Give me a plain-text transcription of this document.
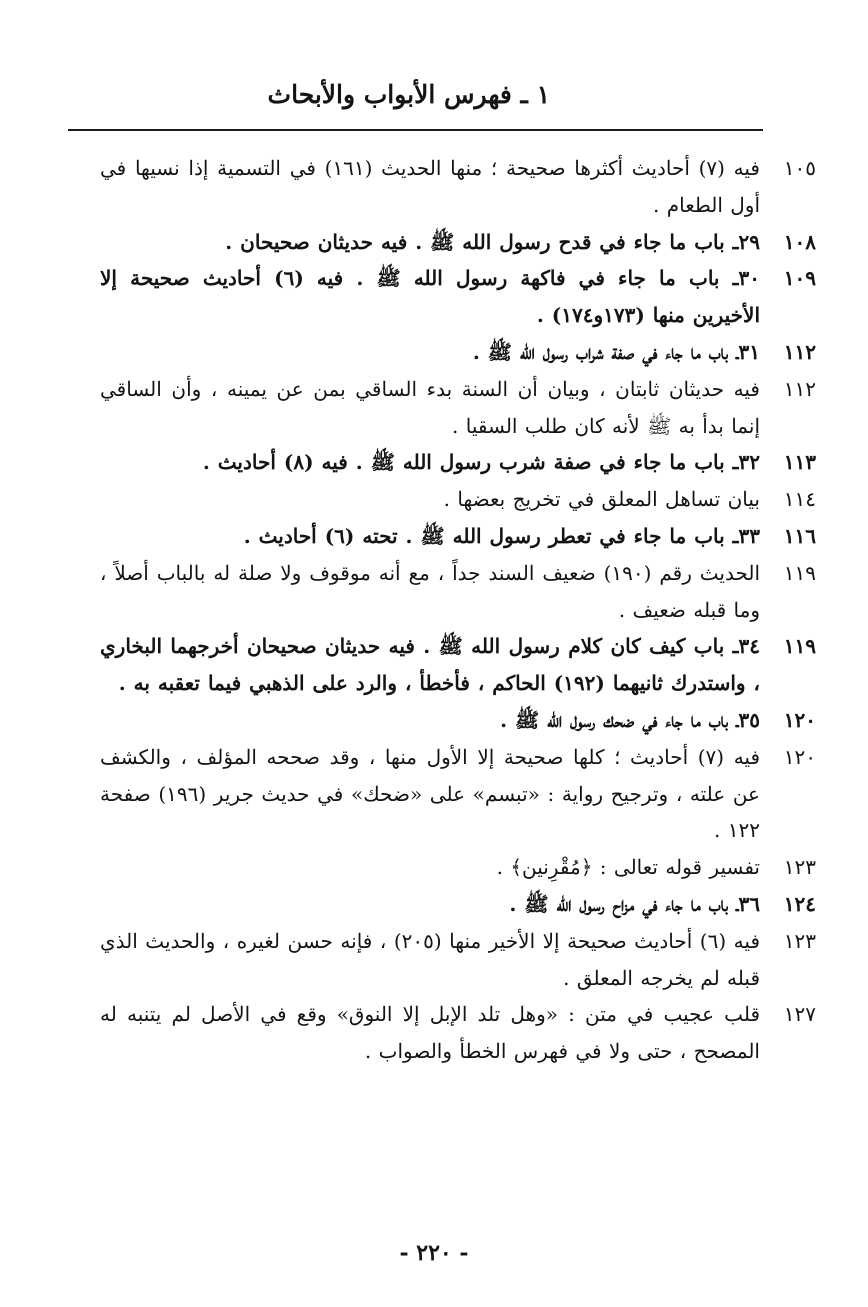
١ ـ فهرس الأبواب والأبحاث
١٠٥
فيه (٧) أحاديث أكثرها صحيحة ؛ منها الحديث (١٦١) في التسمية إذا نسيها في أول الطعام .
١٠٨
٢٩ـ باب ما جاء في قدح رسول الله ﷺ . فيه حديثان صحيحان .
١٠٩
٣٠ـ باب ما جاء في فاكهة رسول الله ﷺ . فيه (٦) أحاديث صحيحة إلا الأخيرين منها (١٧٣و١٧٤) .
١١٢
٣١ـ باب ما جاء في صفة شراب رسول الله ﷺ .
١١٢
فيه حديثان ثابتان ، وبيان أن السنة بدء الساقي بمن عن يمينه ، وأن الساقي إنما بدأ به ﷺ لأنه كان طلب السقيا .
١١٣
٣٢ـ باب ما جاء في صفة شرب رسول الله ﷺ . فيه (٨) أحاديث .
١١٤
بيان تساهل المعلق في تخريج بعضها .
١١٦
٣٣ـ باب ما جاء في تعطر رسول الله ﷺ . تحته (٦) أحاديث .
١١٩
الحديث رقم (١٩٠) ضعيف السند جداً ، مع أنه موقوف ولا صلة له بالباب أصلاً ، وما قبله ضعيف .
١١٩
٣٤ـ باب كيف كان كلام رسول الله ﷺ . فيه حديثان صحيحان أخرجهما البخاري ، واستدرك ثانيهما (١٩٢) الحاكم ، فأخطأ ، والرد على الذهبي فيما تعقبه به .
١٢٠
٣٥ـ باب ما جاء في ضحك رسول الله ﷺ .
١٢٠
فيه (٧) أحاديث ؛ كلها صحيحة إلا الأول منها ، وقد صححه المؤلف ، والكشف عن علته ، وترجيح رواية : «تبسم» على «ضحك» في حديث جرير (١٩٦) صفحة ١٢٢ .
١٢٣
تفسير قوله تعالى : ﴿مُقْرِنين﴾ .
١٢٤
٣٦ـ باب ما جاء في مزاح رسول الله ﷺ .
١٢٣
فيه (٦) أحاديث صحيحة إلا الأخير منها (٢٠٥) ، فإنه حسن لغيره ، والحديث الذي قبله لم يخرجه المعلق .
١٢٧
قلب عجيب في متن : «وهل تلد الإبل إلا النوق» وقع في الأصل لم يتنبه له المصحح ، حتى ولا في فهرس الخطأ والصواب .
- ٢٢٠ -
